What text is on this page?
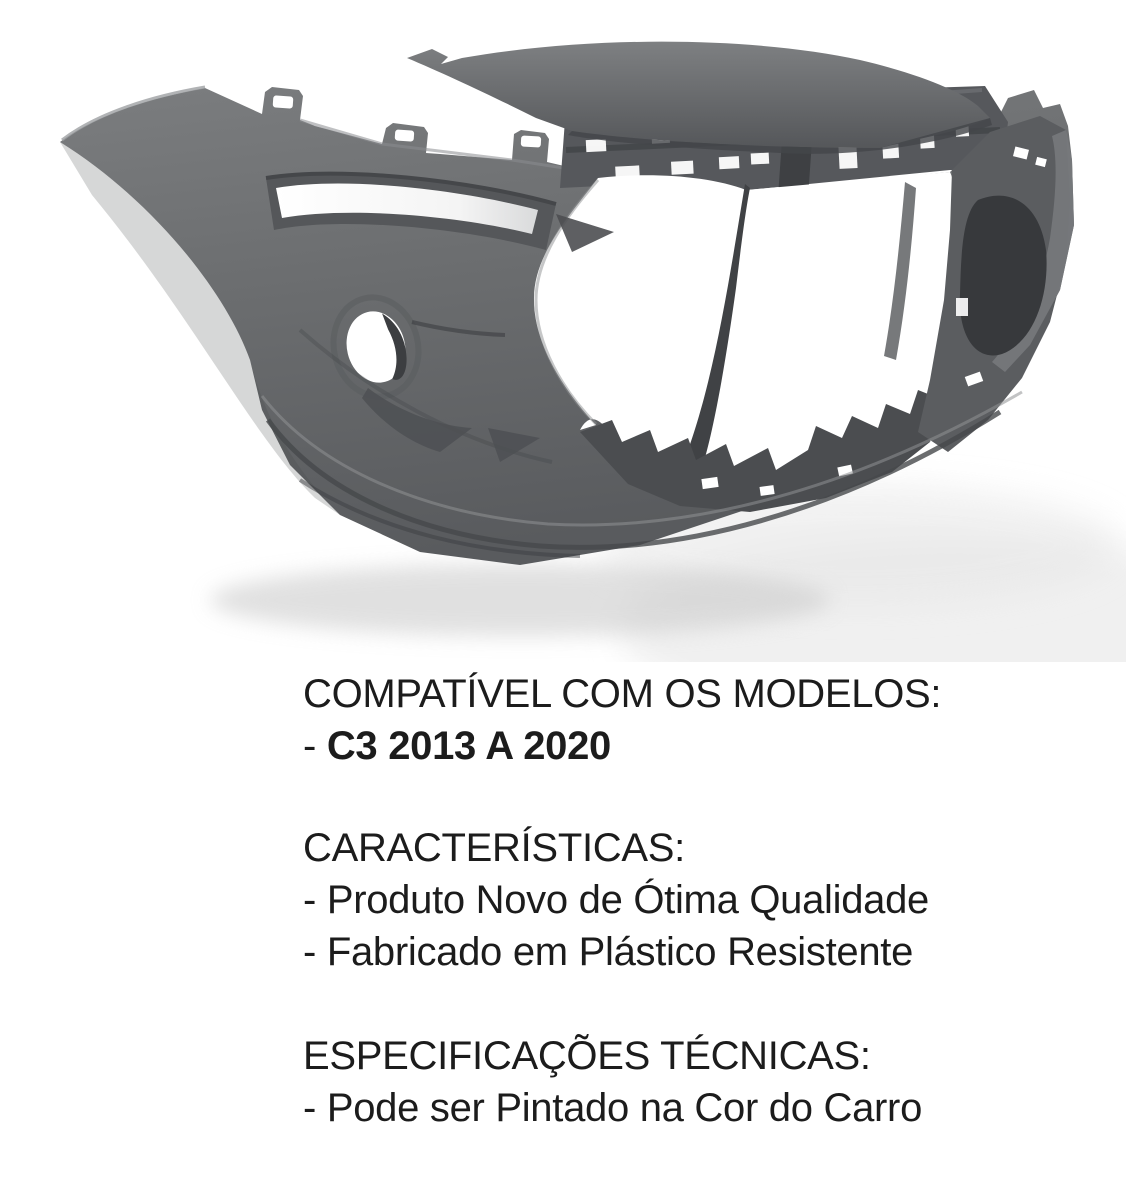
COMPATÍVEL COM OS MODELOS:

- C3 2013 A 2020

CARACTERÍSTICAS:

- Produto Novo de Ótima Qualidade

- Fabricado em Plástico Resistente

ESPECIFICAÇÕES TÉCNICAS:

- Pode ser Pintado na Cor do Carro
